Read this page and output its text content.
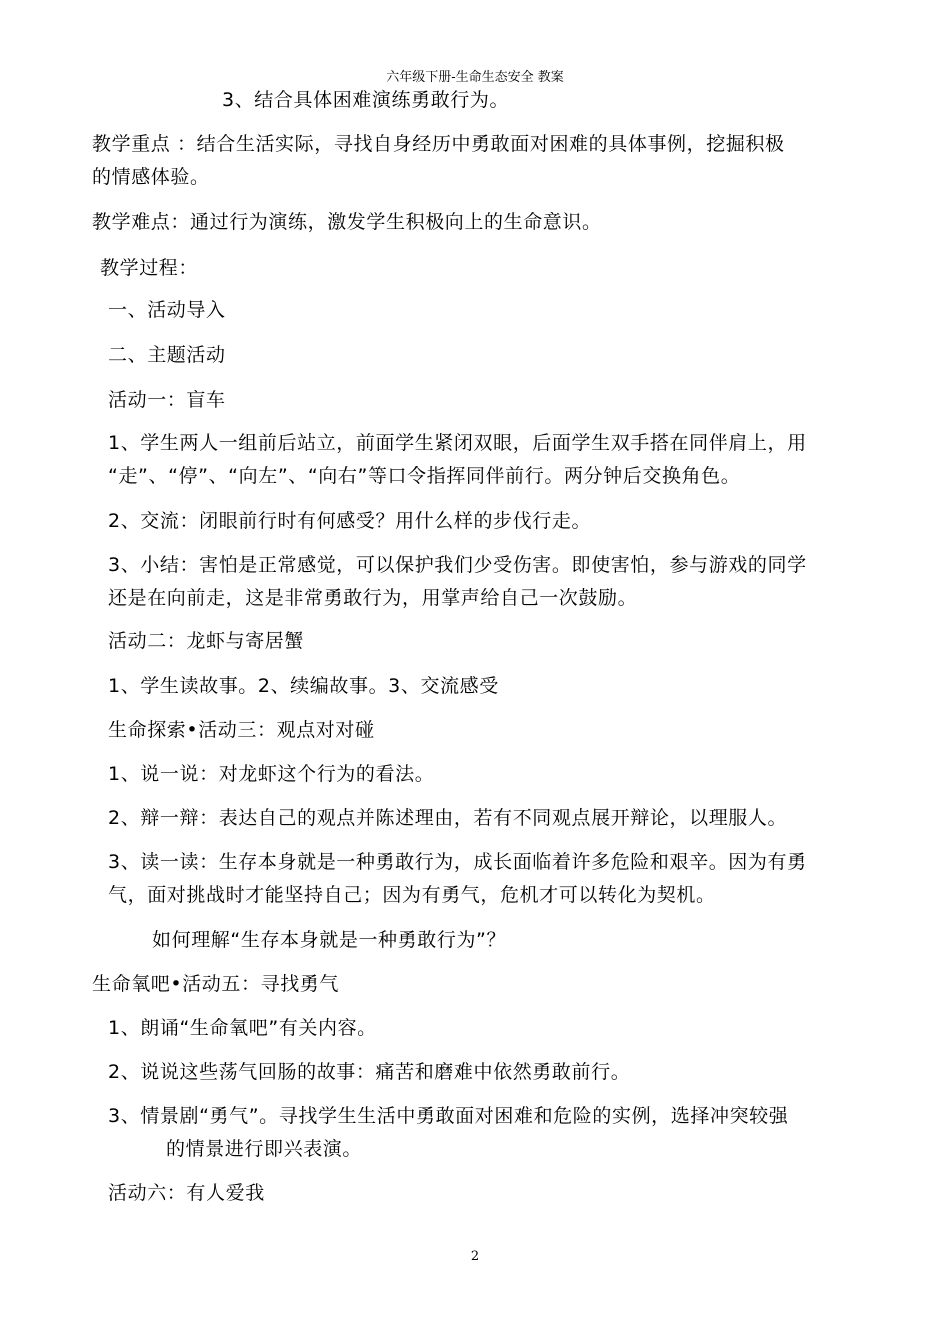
六年级下册-生命生态安全 教案
3、结合具体困难演练勇敢行为。
教学重点 ：结合生活实际，寻找自身经历中勇敢面对困难的具体事例，挖掘积极
的情感体验。
教学难点：通过行为演练，激发学生积极向上的生命意识。
教学过程：
一、活动导入
二、主题活动
活动一：盲车
1、学生两人一组前后站立，前面学生紧闭双眼，后面学生双手搭在同伴肩上，用
“走”、“停”、“向左”、“向右”等口令指挥同伴前行。两分钟后交换角色。
2、交流：闭眼前行时有何感受？用什么样的步伐行走。
3、小结：害怕是正常感觉，可以保护我们少受伤害。即使害怕，参与游戏的同学
还是在向前走，这是非常勇敢行为，用掌声给自己一次鼓励。
活动二：龙虾与寄居蟹
1、学生读故事。2、续编故事。3、交流感受
生命探索•活动三：观点对对碰
1、说一说：对龙虾这个行为的看法。
2、辩一辩：表达自己的观点并陈述理由，若有不同观点展开辩论，以理服人。
3、读一读：生存本身就是一种勇敢行为，成长面临着许多危险和艰辛。因为有勇
气，面对挑战时才能坚持自己；因为有勇气，危机才可以转化为契机。
如何理解“生存本身就是一种勇敢行为”？
生命氧吧•活动五：寻找勇气
1、朗诵“生命氧吧”有关内容。
2、说说这些荡气回肠的故事：痛苦和磨难中依然勇敢前行。
3、情景剧“勇气”。寻找学生生活中勇敢面对困难和危险的实例，选择冲突较强
的情景进行即兴表演。
活动六：有人爱我
2
